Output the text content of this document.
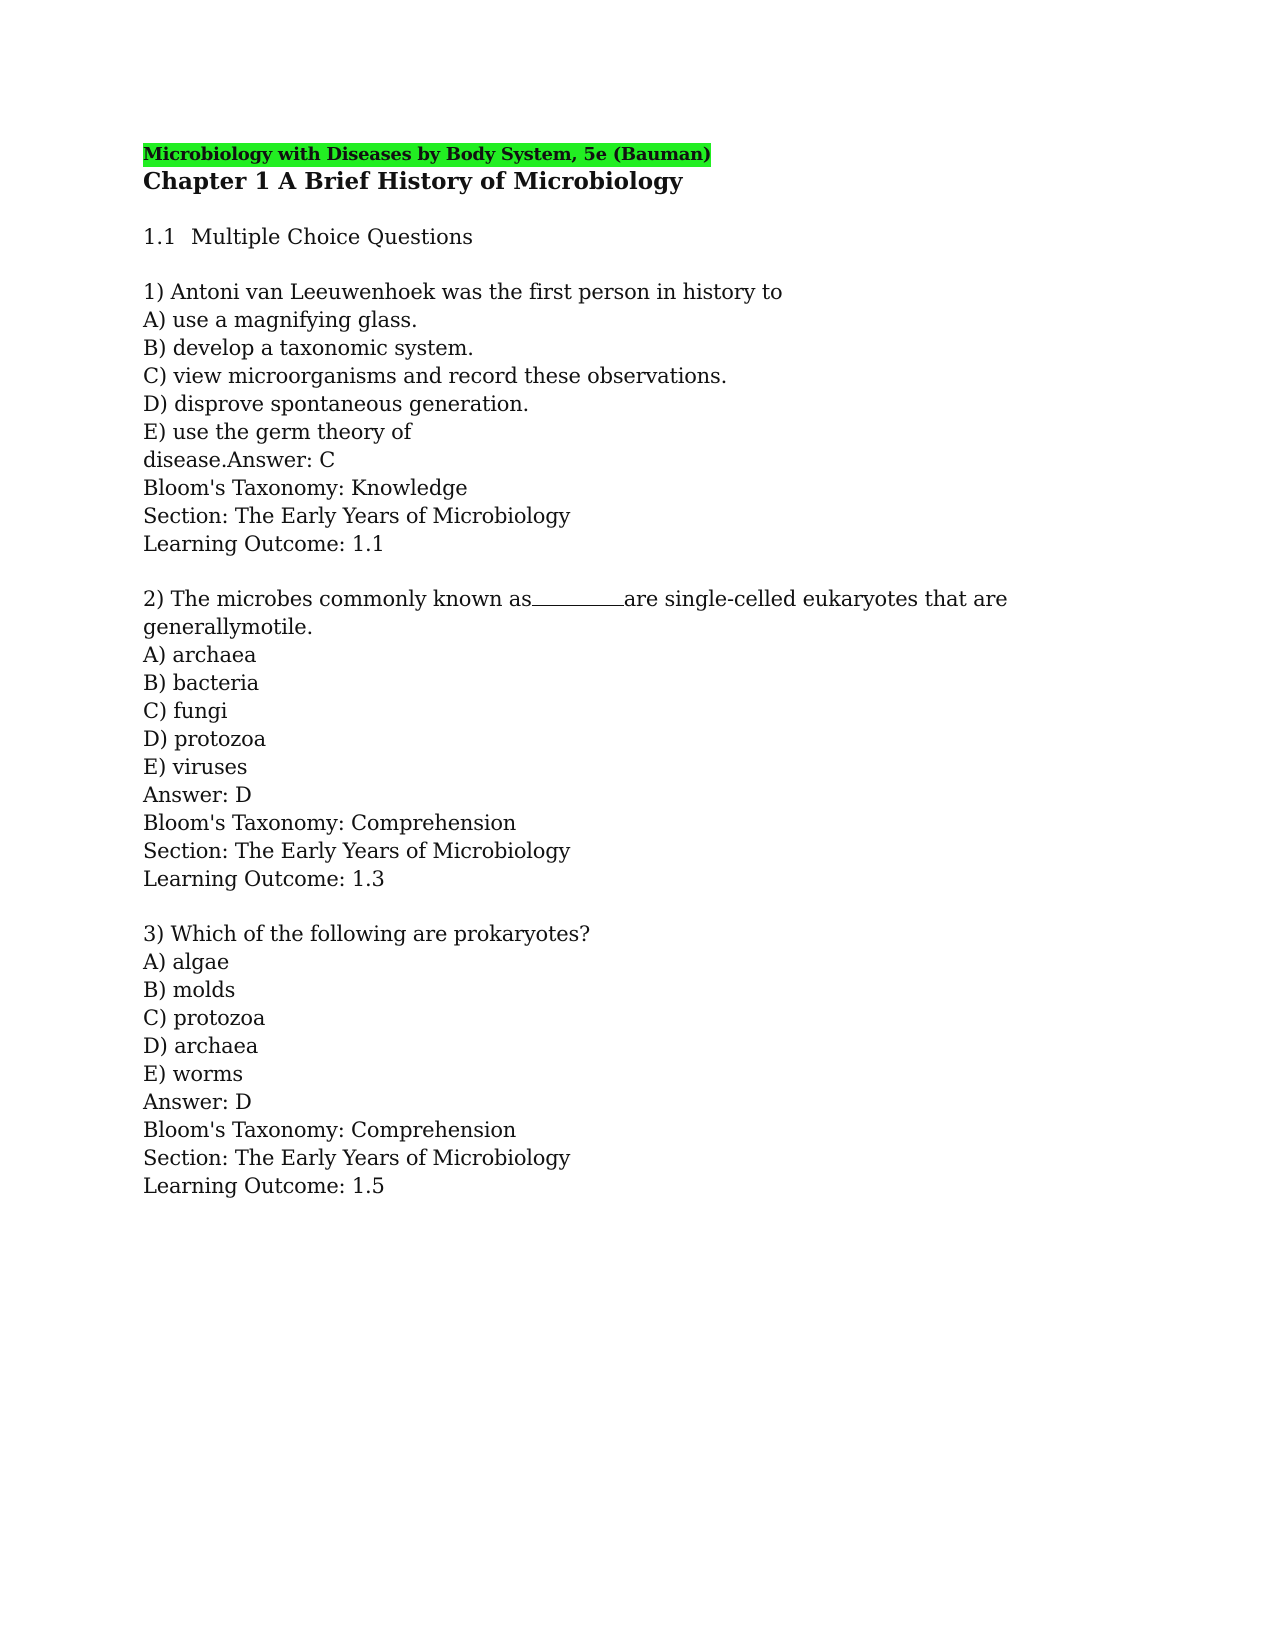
Microbiology with Diseases by Body System, 5e (Bauman)
Chapter 1 A Brief History of Microbiology
1.1 Multiple Choice Questions
1) Antoni van Leeuwenhoek was the first person in history to
A) use a magnifying glass.
B) develop a taxonomic system.
C) view microorganisms and record these observations.
D) disprove spontaneous generation.
E) use the germ theory of
disease.Answer: C
Bloom's Taxonomy: Knowledge
Section: The Early Years of Microbiology
Learning Outcome: 1.1
2) The microbes commonly known as	are single-celled eukaryotes that are
generallymotile.
A) archaea
B) bacteria
C) fungi
D) protozoa
E) viruses
Answer: D
Bloom's Taxonomy: Comprehension
Section: The Early Years of Microbiology
Learning Outcome: 1.3
3) Which of the following are prokaryotes?
A) algae
B) molds
C) protozoa
D) archaea
E) worms
Answer: D
Bloom's Taxonomy: Comprehension
Section: The Early Years of Microbiology
Learning Outcome: 1.5
